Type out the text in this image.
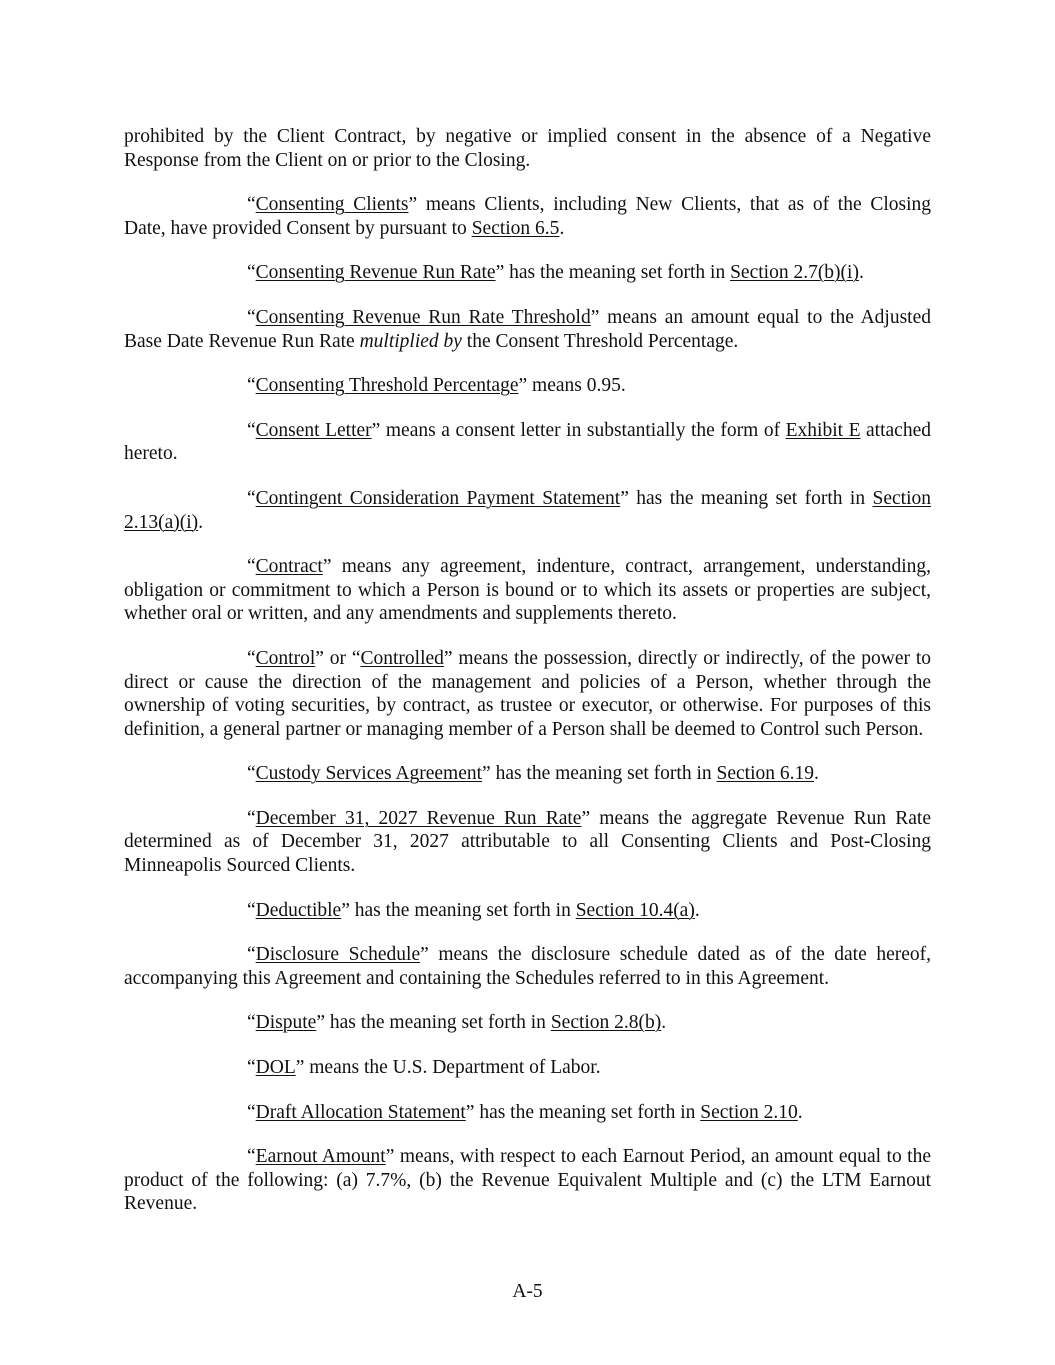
prohibited by the Client Contract, by negative or implied consent in the absence of a Negative Response from the Client on or prior to the Closing.

“Consenting Clients” means Clients, including New Clients, that as of the Closing Date, have provided Consent by pursuant to Section 6.5.

“Consenting Revenue Run Rate” has the meaning set forth in Section 2.7(b)(i).

“Consenting Revenue Run Rate Threshold” means an amount equal to the Adjusted Base Date Revenue Run Rate multiplied by the Consent Threshold Percentage.

“Consenting Threshold Percentage” means 0.95.

“Consent Letter” means a consent letter in substantially the form of Exhibit E attached hereto.

“Contingent Consideration Payment Statement” has the meaning set forth in Section 2.13(a)(i).

“Contract” means any agreement, indenture, contract, arrangement, understanding, obligation or commitment to which a Person is bound or to which its assets or properties are subject, whether oral or written, and any amendments and supplements thereto.

“Control” or “Controlled” means the possession, directly or indirectly, of the power to direct or cause the direction of the management and policies of a Person, whether through the ownership of voting securities, by contract, as trustee or executor, or otherwise. For purposes of this definition, a general partner or managing member of a Person shall be deemed to Control such Person.

“Custody Services Agreement” has the meaning set forth in Section 6.19.

“December 31, 2027 Revenue Run Rate” means the aggregate Revenue Run Rate determined as of December 31, 2027 attributable to all Consenting Clients and Post-Closing Minneapolis Sourced Clients.

“Deductible” has the meaning set forth in Section 10.4(a).

“Disclosure Schedule” means the disclosure schedule dated as of the date hereof, accompanying this Agreement and containing the Schedules referred to in this Agreement.

“Dispute” has the meaning set forth in Section 2.8(b).

“DOL” means the U.S. Department of Labor.

“Draft Allocation Statement” has the meaning set forth in Section 2.10.

“Earnout Amount” means, with respect to each Earnout Period, an amount equal to the product of the following: (a) 7.7%, (b) the Revenue Equivalent Multiple and (c) the LTM Earnout Revenue.

A-5
